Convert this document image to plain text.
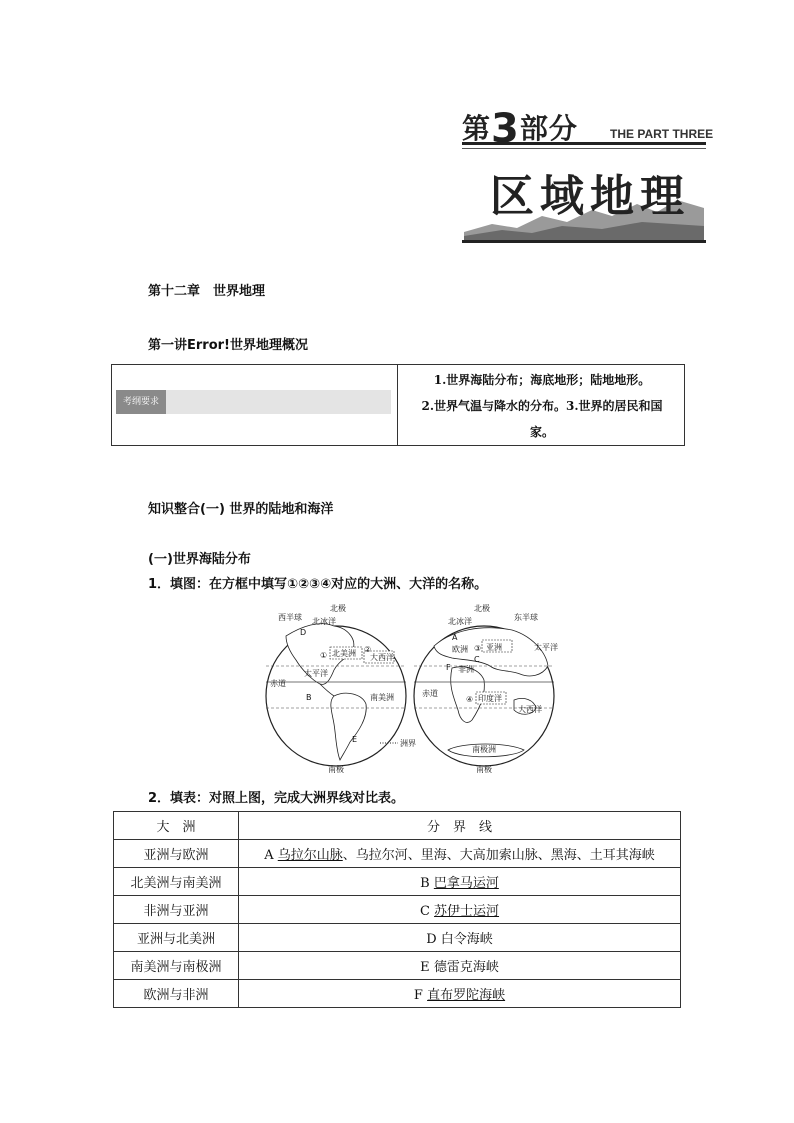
第3部分	THE PART THREE
区域地理
第十二章　世界地理
第一讲Error!世界地理概况
考纲要求
1.世界海陆分布；海底地形；陆地地形。
2.世界气温与降水的分布。3.世界的居民和国
家。
知识整合(一) 世界的陆地和海洋
(一)世界海陆分布
1．填图：在方框中填写①②③④对应的大洲、大洋的名称。
北极	北极
西半球	东半球
D
北冰洋	北冰洋
① 北美洲 ②
大西洋
太平洋
赤道
南美洲
E
南极
A
欧洲
F
③ 亚洲
C
非洲
太平洋
赤道
④ 印度洋
大西洋
B
南极洲
南极
洲界
2．填表：对照上图，完成大洲界线对比表。
大　洲	分　界　线
亚洲与欧洲	A 乌拉尔山脉、乌拉尔河、里海、大高加索山脉、黑海、土耳其海峡
北美洲与南美洲	B 巴拿马运河
非洲与亚洲	C 苏伊士运河
亚洲与北美洲	D 白令海峡
南美洲与南极洲	E 德雷克海峡
欧洲与非洲	F 直布罗陀海峡
